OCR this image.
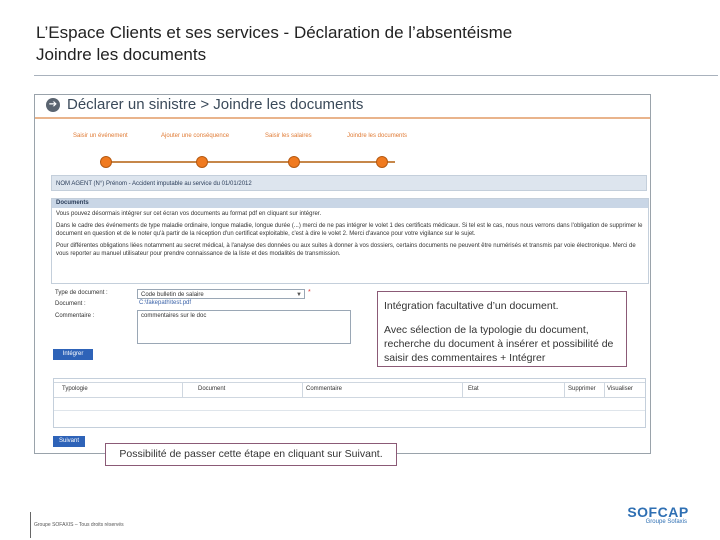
L’Espace Clients et ses services - Déclaration de l’absentéisme
Joindre les documents
➔ Déclarer un sinistre > Joindre les documents
Saisir un événement	Ajouter une conséquence	Saisir les salaires	Joindre les documents
NOM AGENT (N°) Prénom - Accident imputable au service du 01/01/2012
Documents

Vous pouvez désormais intégrer sur cet écran vos documents au format pdf en cliquant sur intégrer.

Dans le cadre des événements de type maladie ordinaire, longue maladie, longue durée (...) merci de ne pas intégrer le volet 1 des certificats médicaux. Si tel est le cas, nous nous verrons dans l'obligation de supprimer le document en question et de le noter qu'à partir de la réception d'un certificat exploitable, c'est à dire le volet 2. Merci d'avance pour votre vigilance sur le sujet.

Pour différentes obligations liées notamment au secret médical, à l'analyse des données ou aux suites à donner à vos dossiers, certains documents ne peuvent être numérisés et transmis par voie électronique. Merci de vous reporter au manuel utilisateur pour prendre connaissance de la liste et des modalités de transmission.

Type de document :	Code bulletin de salaire	▼ *
Document :	C:\fakepath\test.pdf
Commentaire :	commentaires sur le doc
Intégrer
Typologie	Document	Commentaire	Etat	Supprimer Visualiser
Suivant

Intégration facultative d’un document.

Avec sélection de la typologie du document, recherche du document à insérer et possibilité de saisir des commentaires + Intégrer

Possibilité de passer cette étape en cliquant sur Suivant.
Groupe SOFAXIS – Tous droits réservés
SOFCAP
Groupe Sofaxis
